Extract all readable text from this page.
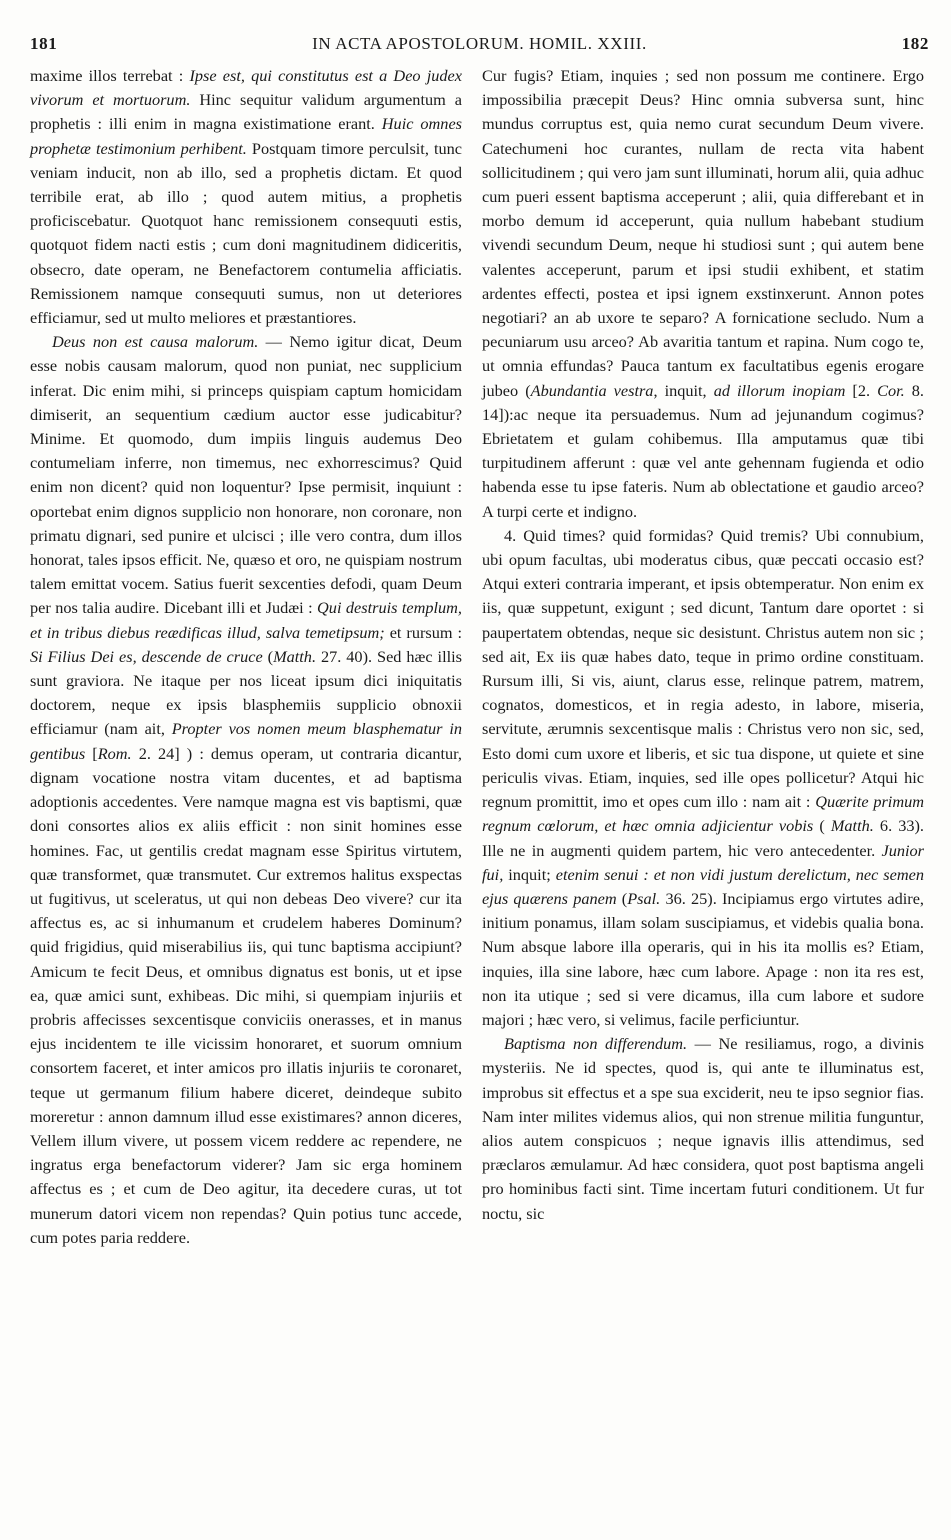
181	IN ACTA APOSTOLORUM. HOMIL. XXIII.	182

maxime illos terrebat : Ipse est, qui constitutus est a Deo judex vivorum et mortuorum. Hinc sequitur validum argumentum a prophetis : illi enim in magna existimatione erant. Huic omnes prophetæ testimonium perhibent. Postquam timore perculsit, tunc veniam inducit, non ab illo, sed a prophetis dictam. Et quod terribile erat, ab illo ; quod autem mitius, a prophetis proficiscebatur. Quotquot hanc remissionem consequuti estis, quotquot fidem nacti estis ; cum doni magnitudinem didiceritis, obsecro, date operam, ne Benefactorem contumelia afficiatis. Remissionem namque consequuti sumus, non ut deteriores efficiamur, sed ut multo meliores et præstantiores.

Deus non est causa malorum. — Nemo igitur dicat, Deum esse nobis causam malorum, quod non puniat, nec supplicium inferat. Dic enim mihi, si princeps quispiam captum homicidam dimiserit, an sequentium cædium auctor esse judicabitur? Minime. Et quomodo, dum impiis linguis audemus Deo contumeliam inferre, non timemus, nec exhorrescimus? Quid enim non dicent? quid non loquentur? Ipse permisit, inquiunt : oportebat enim dignos supplicio non honorare, non coronare, non primatu dignari, sed punire et ulcisci ; ille vero contra, dum illos honorat, tales ipsos efficit. Ne, quæso et oro, ne quispiam nostrum talem emittat vocem. Satius fuerit sexcenties defodi, quam Deum per nos talia audire. Dicebant illi et Judæi : Qui destruis templum, et in tribus diebus reædificas illud, salva temetipsum; et rursum : Si Filius Dei es, descende de cruce (Matth. 27. 40). Sed hæc illis sunt graviora. Ne itaque per nos liceat ipsum dici iniquitatis doctorem, neque ex ipsis blasphemiis supplicio obnoxii efficiamur (nam ait, Propter vos nomen meum blasphematur in gentibus [Rom. 2. 24] ) : demus operam, ut contraria dicantur, dignam vocatione nostra vitam ducentes, et ad baptisma adoptionis accedentes. Vere namque magna est vis baptismi, quæ doni consortes alios ex aliis efficit : non sinit homines esse homines. Fac, ut gentilis credat magnam esse Spiritus virtutem, quæ transformet, quæ transmutet. Cur extremos halitus exspectas ut fugitivus, ut sceleratus, ut qui non debeas Deo vivere? cur ita affectus es, ac si inhumanum et crudelem haberes Dominum? quid frigidius, quid miserabilius iis, qui tunc baptisma accipiunt? Amicum te fecit Deus, et omnibus dignatus est bonis, ut et ipse ea, quæ amici sunt, exhibeas. Dic mihi, si quempiam injuriis et probris affecisses sexcentisque conviciis onerasses, et in manus ejus incidentem te ille vicissim honoraret, et suorum omnium consortem faceret, et inter amicos pro illatis injuriis te coronaret, teque ut germanum filium habere diceret, deindeque subito moreretur : annon damnum illud esse existimares? annon diceres, Vellem illum vivere, ut possem vicem reddere ac rependere, ne ingratus erga benefactorum viderer? Jam sic erga hominem affectus es ; et cum de Deo agitur, ita decedere curas, ut tot munerum datori vicem non rependas? Quin potius tunc accede, cum potes paria reddere.

Cur fugis? Etiam, inquies ; sed non possum me continere. Ergo impossibilia præcepit Deus? Hinc omnia subversa sunt, hinc mundus corruptus est, quia nemo curat secundum Deum vivere. Catechumeni hoc curantes, nullam de recta vita habent sollicitudinem ; qui vero jam sunt illuminati, horum alii, quia adhuc cum pueri essent baptisma acceperunt ; alii, quia differebant et in morbo demum id acceperunt, quia nullum habebant studium vivendi secundum Deum, neque hi studiosi sunt ; qui autem bene valentes acceperunt, parum et ipsi studii exhibent, et statim ardentes effecti, postea et ipsi ignem exstinxerunt. Annon potes negotiari? an ab uxore te separo? A fornicatione secludo. Num a pecuniarum usu arceo? Ab avaritia tantum et rapina. Num cogo te, ut omnia effundas? Pauca tantum ex facultatibus egenis erogare jubeo (Abundantia vestra, inquit, ad illorum inopiam [2. Cor. 8. 14]):ac neque ita persuademus. Num ad jejunandum cogimus? Ebrietatem et gulam cohibemus. Illa amputamus quæ tibi turpitudinem afferunt : quæ vel ante gehennam fugienda et odio habenda esse tu ipse fateris. Num ab oblectatione et gaudio arceo? A turpi certe et indigno.

4. Quid times? quid formidas? Quid tremis? Ubi connubium, ubi opum facultas, ubi moderatus cibus, quæ peccati occasio est? Atqui exteri contraria imperant, et ipsis obtemperatur. Non enim ex iis, quæ suppetunt, exigunt ; sed dicunt, Tantum dare oportet : si paupertatem obtendas, neque sic desistunt. Christus autem non sic ; sed ait, Ex iis quæ habes dato, teque in primo ordine constituam. Rursum illi, Si vis, aiunt, clarus esse, relinque patrem, matrem, cognatos, domesticos, et in regia adesto, in labore, miseria, servitute, ærumnis sexcentisque malis : Christus vero non sic, sed, Esto domi cum uxore et liberis, et sic tua dispone, ut quiete et sine periculis vivas. Etiam, inquies, sed ille opes pollicetur? Atqui hic regnum promittit, imo et opes cum illo : nam ait : Quærite primum regnum cœlorum, et hæc omnia adjicientur vobis ( Matth. 6. 33). Ille ne in augmenti quidem partem, hic vero antecedenter. Junior fui, inquit; etenim senui : et non vidi justum derelictum, nec semen ejus quærens panem (Psal. 36. 25). Incipiamus ergo virtutes adire, initium ponamus, illam solam suscipiamus, et videbis qualia bona. Num absque labore illa operaris, qui in his ita mollis es? Etiam, inquies, illa sine labore, hæc cum labore. Apage : non ita res est, non ita utique ; sed si vere dicamus, illa cum labore et sudore majori ; hæc vero, si velimus, facile perficiuntur.

Baptisma non differendum. — Ne resiliamus, rogo, a divinis mysteriis. Ne id spectes, quod is, qui ante te illuminatus est, improbus sit effectus et a spe sua exciderit, neu te ipso segnior fias. Nam inter milites videmus alios, qui non strenue militia funguntur, alios autem conspicuos ; neque ignavis illis attendimus, sed præclaros æmulamur. Ad hæc considera, quot post baptisma angeli pro hominibus facti sint. Time incertam futuri conditionem. Ut fur noctu, sic
